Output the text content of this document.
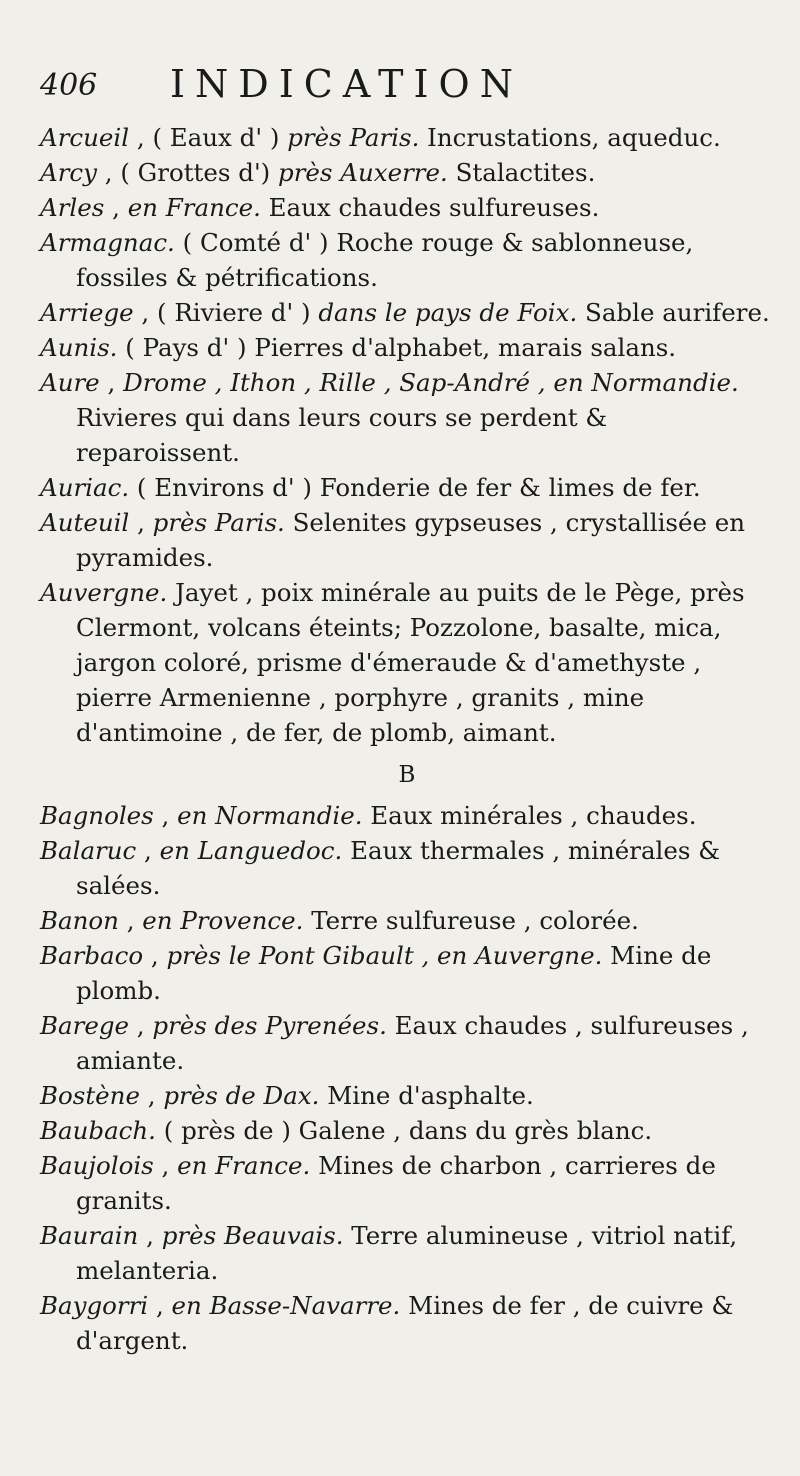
406 INDICATION

Arcueil , ( Eaux d' ) près Paris. Incrustations, aqueduc.

Arcy , ( Grottes d') près Auxerre. Stalactites.

Arles , en France. Eaux chaudes sulfureuses.

Armagnac. ( Comté d' ) Roche rouge & sablonneuse, fossiles & pétrifications.

Arriege , ( Riviere d' ) dans le pays de Foix. Sable aurifere.

Aunis. ( Pays d' ) Pierres d'alphabet, marais salans.

Aure , Drome , Ithon , Rille , Sap-André , en Normandie. Rivieres qui dans leurs cours se perdent & reparoissent.

Auriac. ( Environs d' ) Fonderie de fer & limes de fer.

Auteuil , près Paris. Selenites gypseuses , crystallisée en pyramides.

Auvergne. Jayet , poix minérale au puits de le Pège, près Clermont, volcans éteints; Pozzolone, basalte, mica, jargon coloré, prisme d'émeraude & d'amethyste , pierre Armenienne , porphyre , granits , mine d'antimoine , de fer, de plomb, aimant.

B

Bagnoles , en Normandie. Eaux minérales , chaudes.

Balaruc , en Languedoc. Eaux thermales , minérales & salées.

Banon , en Provence. Terre sulfureuse , colorée.

Barbaco , près le Pont Gibault , en Auvergne. Mine de plomb.

Barege , près des Pyrenées. Eaux chaudes , sulfureuses , amiante.

Bostène , près de Dax. Mine d'asphalte.

Baubach. ( près de ) Galene , dans du grès blanc.

Baujolois , en France. Mines de charbon , carrieres de granits.

Baurain , près Beauvais. Terre alumineuse , vitriol natif, melanteria.

Baygorri , en Basse-Navarre. Mines de fer , de cuivre & d'argent.
